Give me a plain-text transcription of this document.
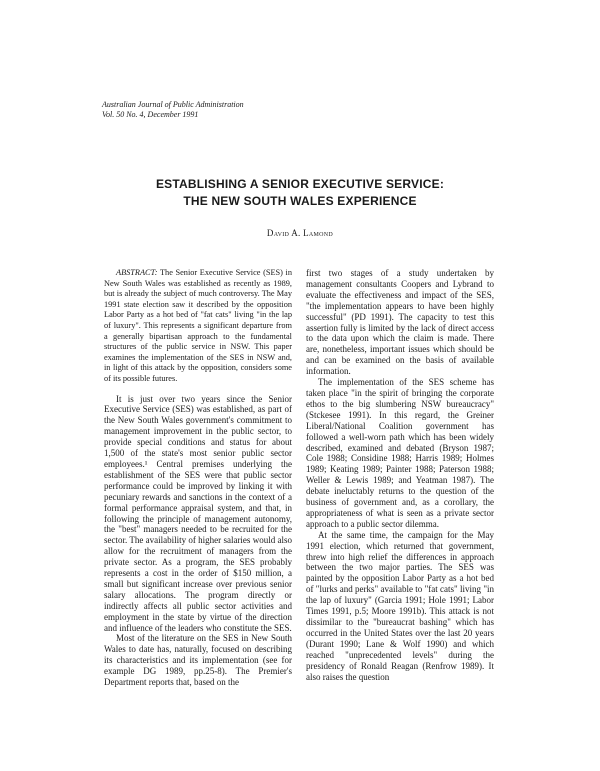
Australian Journal of Public Administration
Vol. 50 No. 4, December 1991
ESTABLISHING A SENIOR EXECUTIVE SERVICE:
THE NEW SOUTH WALES EXPERIENCE
David A. Lamond

ABSTRACT: The Senior Executive Service (SES) in New South Wales was established as recently as 1989, but is already the subject of much controversy. The May 1991 state election saw it described by the opposition Labor Party as a hot bed of "fat cats" living "in the lap of luxury". This represents a significant departure from a generally bipartisan approach to the fundamental structures of the public service in NSW. This paper examines the implementation of the SES in NSW and, in light of this attack by the opposition, considers some of its possible futures.

It is just over two years since the Senior Executive Service (SES) was established, as part of the New South Wales government's commitment to management improvement in the public sector, to provide special conditions and status for about 1,500 of the state's most senior public sector employees.¹ Central premises underlying the establishment of the SES were that public sector performance could be improved by linking it with pecuniary rewards and sanctions in the context of a formal performance appraisal system, and that, in following the principle of management autonomy, the "best" managers needed to be recruited for the sector. The availability of higher salaries would also allow for the recruitment of managers from the private sector. As a program, the SES probably represents a cost in the order of $150 million, a small but significant increase over previous senior salary allocations. The program directly or indirectly affects all public sector activities and employment in the state by virtue of the direction and influence of the leaders who constitute the SES.

Most of the literature on the SES in New South Wales to date has, naturally, focused on describing its characteristics and its implementation (see for example DG 1989, pp.25-8). The Premier's Department reports that, based on the

first two stages of a study undertaken by management consultants Coopers and Lybrand to evaluate the effectiveness and impact of the SES, "the implementation appears to have been highly successful" (PD 1991). The capacity to test this assertion fully is limited by the lack of direct access to the data upon which the claim is made. There are, nonetheless, important issues which should be and can be examined on the basis of available information.

The implementation of the SES scheme has taken place "in the spirit of bringing the corporate ethos to the big slumbering NSW bureaucracy" (Stckesee 1991). In this regard, the Greiner Liberal/National Coalition government has followed a well-worn path which has been widely described, examined and debated (Bryson 1987; Cole 1988; Considine 1988; Harris 1989; Holmes 1989; Keating 1989; Painter 1988; Paterson 1988; Weller & Lewis 1989; and Yeatman 1987). The debate ineluctably returns to the question of the business of government and, as a corollary, the appropriateness of what is seen as a private sector approach to a public sector dilemma.

At the same time, the campaign for the May 1991 election, which returned that government, threw into high relief the differences in approach between the two major parties. The SES was painted by the opposition Labor Party as a hot bed of "lurks and perks" available to "fat cats" living "in the lap of luxury" (Garcia 1991; Hole 1991; Labor Times 1991, p.5; Moore 1991b). This attack is not dissimilar to the "bureaucrat bashing" which has occurred in the United States over the last 20 years (Durant 1990; Lane & Wolf 1990) and which reached "unprecedented levels" during the presidency of Ronald Reagan (Renfrow 1989). It also raises the question
